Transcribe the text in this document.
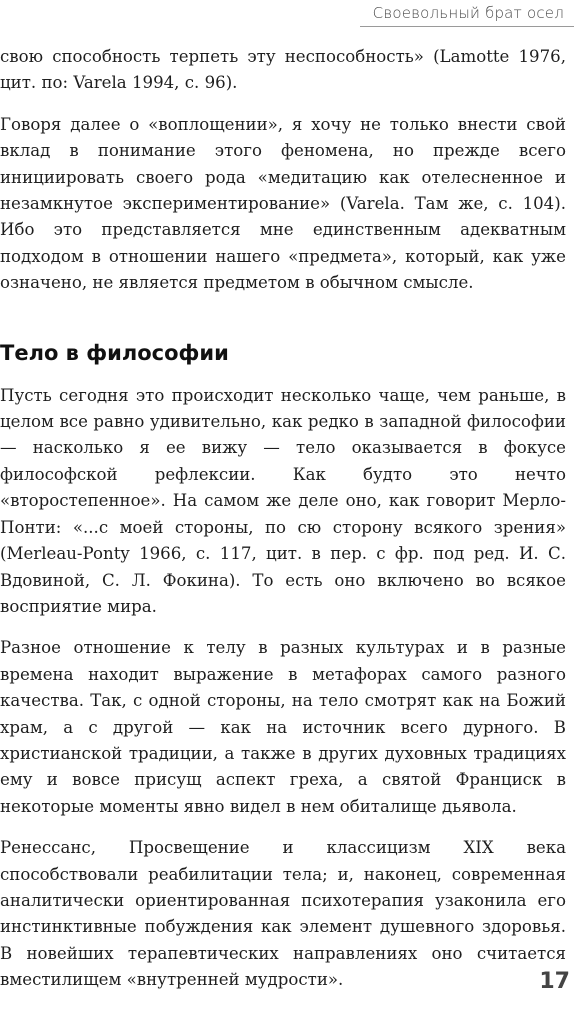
Своевольный брат осел

свою способность терпеть эту неспособность» (Lamotte 1976, цит. по: Varela 1994, с. 96).

Говоря далее о «воплощении», я хочу не только внести свой вклад в понимание этого феномена, но прежде всего инициировать своего рода «медитацию как отелесненное и незамкнутое экспериментирование» (Varela. Там же, с. 104). Ибо это представляется мне единственным адекватным подходом в отношении нашего «предмета», который, как уже означено, не является предметом в обычном смысле.

Тело в философии

Пусть сегодня это происходит несколько чаще, чем раньше, в целом все равно удивительно, как редко в западной философии — насколько я ее вижу — тело оказывается в фокусе философской рефлексии. Как будто это нечто «второстепенное». На самом же деле оно, как говорит Мерло-Понти: «...с моей стороны, по сю сторону всякого зрения» (Merleau-Ponty 1966, с. 117, цит. в пер. с фр. под ред. И. С. Вдовиной, С. Л. Фокина). То есть оно включено во всякое восприятие мира.

Разное отношение к телу в разных культурах и в разные времена находит выражение в метафорах самого разного качества. Так, с одной стороны, на тело смотрят как на Божий храм, а с другой — как на источник всего дурного. В христианской традиции, а также в других духовных традициях ему и вовсе присущ аспект греха, а святой Франциск в некоторые моменты явно видел в нем обиталище дьявола.

Ренессанс, Просвещение и классицизм XIX века способствовали реабилитации тела; и, наконец, современная аналитически ориентированная психотерапия узаконила его инстинктивные побуждения как элемент душевного здоровья. В новейших терапевтических направлениях оно считается вместилищем «внутренней мудрости».	17
